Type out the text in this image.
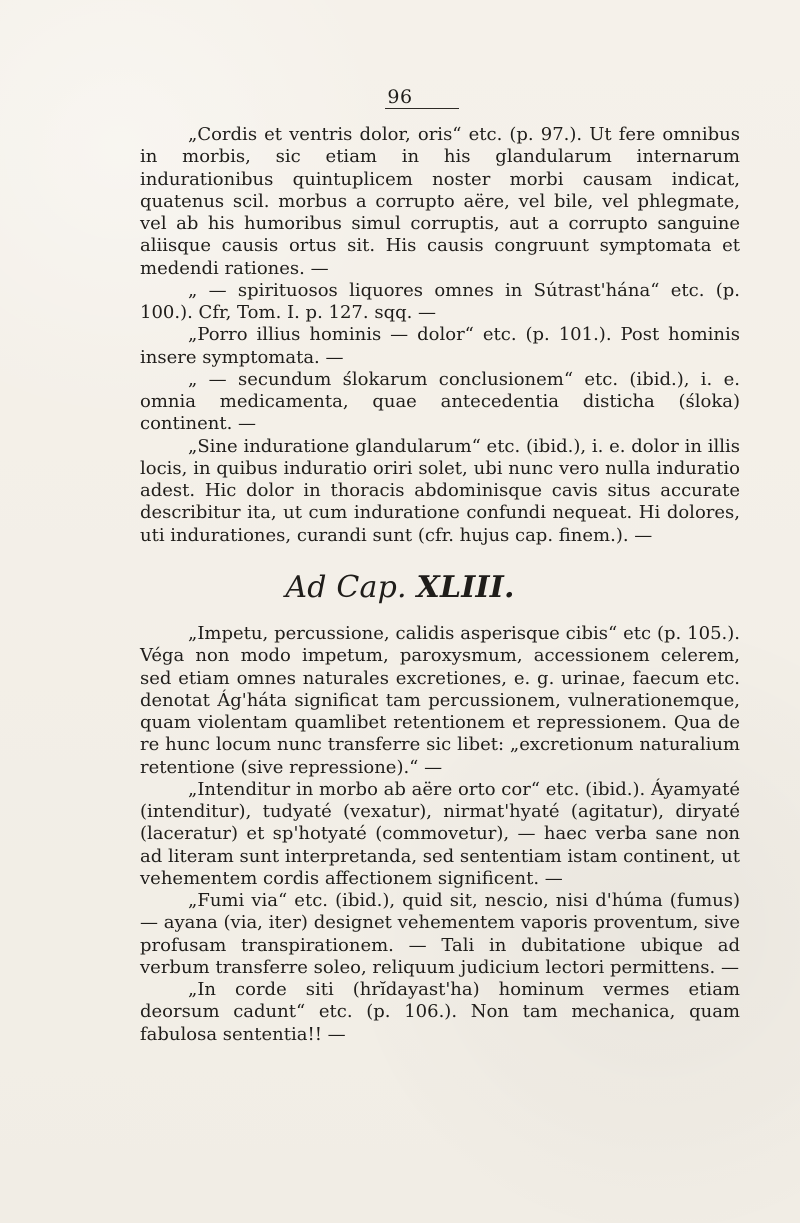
96

„Cordis et ventris dolor, oris“ etc. (p. 97.). Ut fere omnibus in morbis, sic etiam in his glandularum internarum indurationibus quintuplicem noster morbi causam indicat, quatenus scil. morbus a corrupto aëre, vel bile, vel phlegmate, vel ab his humoribus simul corruptis, aut a corrupto sanguine aliisque causis ortus sit. His causis congruunt symptomata et medendi rationes. —

„ — spirituosos liquores omnes in Sútrast'hána“ etc. (p. 100.). Cfr, Tom. I. p. 127. sqq. —

„Porro illius hominis — dolor“ etc. (p. 101.). Post hominis insere symptomata. —

„ — secundum ślokarum conclusionem“ etc. (ibid.), i. e. omnia medicamenta, quae antecedentia disticha (śloka) continent. —

„Sine induratione glandularum“ etc. (ibid.), i. e. dolor in illis locis, in quibus induratio oriri solet, ubi nunc vero nulla induratio adest. Hic dolor in thoracis abdominisque cavis situs accurate describitur ita, ut cum induratione confundi nequeat. Hi dolores, uti indurationes, curandi sunt (cfr. hujus cap. finem.). —

Ad Cap. XLIII.

„Impetu, percussione, calidis asperisque cibis“ etc (p. 105.). Véga non modo impetum, paroxysmum, accessionem celerem, sed etiam omnes naturales excretiones, e. g. urinae, faecum etc. denotat Ág'háta significat tam percussionem, vulnerationemque, quam violentam quamlibet retentionem et repressionem. Qua de re hunc locum nunc transferre sic libet: „excretionum naturalium retentione (sive repressione).“ —

„Intenditur in morbo ab aëre orto cor“ etc. (ibid.). Áyamyaté (intenditur), tudyaté (vexatur), nirmat'hyaté (agitatur), diryaté (laceratur) et sp'hotyaté (commovetur), — haec verba sane non ad literam sunt interpretanda, sed sententiam istam continent, ut vehementem cordis affectionem significent. —

„Fumi via“ etc. (ibid.), quid sit, nescio, nisi d'húma (fumus) — ayana (via, iter) designet vehementem vaporis proventum, sive profusam transpirationem. — Tali in dubitatione ubique ad verbum transferre soleo, reliquum judicium lectori permittens. —

„In corde siti (hrĭdayast'ha) hominum vermes etiam deorsum cadunt“ etc. (p. 106.). Non tam mechanica, quam fabulosa sententia!! —
